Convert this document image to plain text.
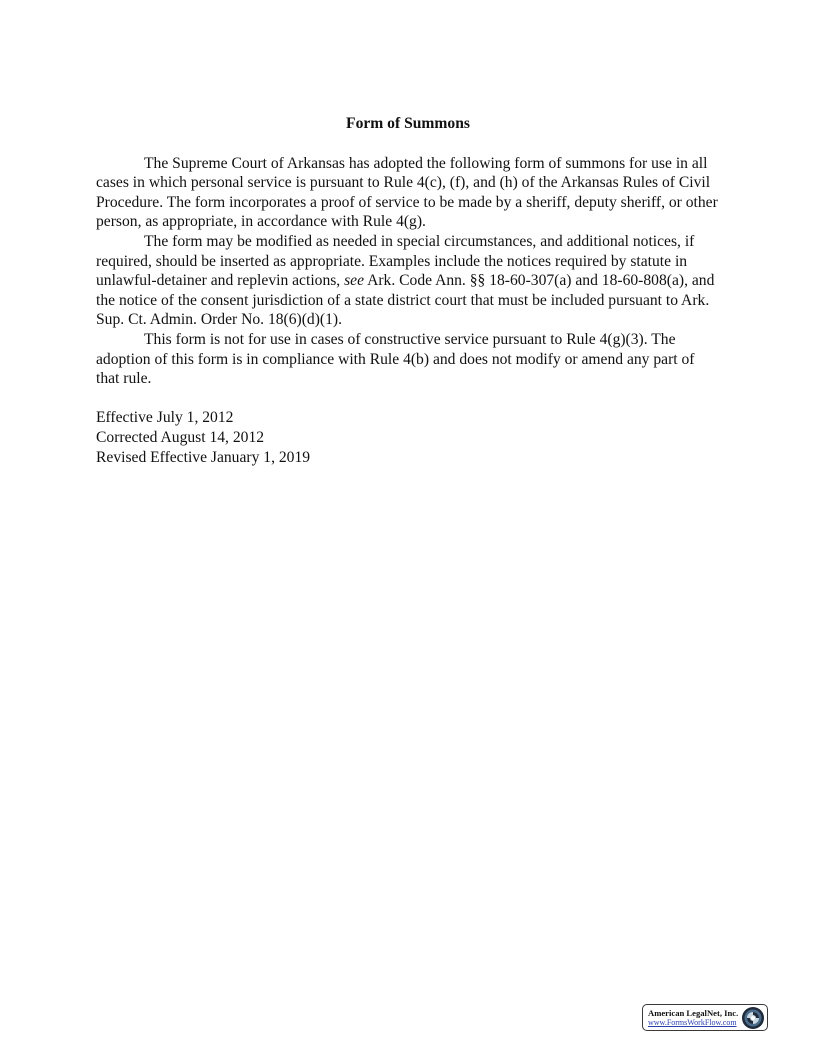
Form of Summons

The Supreme Court of Arkansas has adopted the following form of summons for use in all cases in which personal service is pursuant to Rule 4(c), (f), and (h) of the Arkansas Rules of Civil Procedure. The form incorporates a proof of service to be made by a sheriff, deputy sheriff, or other person, as appropriate, in accordance with Rule 4(g).

The form may be modified as needed in special circumstances, and additional notices, if required, should be inserted as appropriate. Examples include the notices required by statute in unlawful-detainer and replevin actions, see Ark. Code Ann. §§ 18-60-307(a) and 18-60-808(a), and the notice of the consent jurisdiction of a state district court that must be included pursuant to Ark. Sup. Ct. Admin. Order No. 18(6)(d)(1).

This form is not for use in cases of constructive service pursuant to Rule 4(g)(3). The adoption of this form is in compliance with Rule 4(b) and does not modify or amend any part of that rule.

Effective July 1, 2012
Corrected August 14, 2012
Revised Effective January 1, 2019
American LegalNet, Inc.
www.FormsWorkFlow.com
